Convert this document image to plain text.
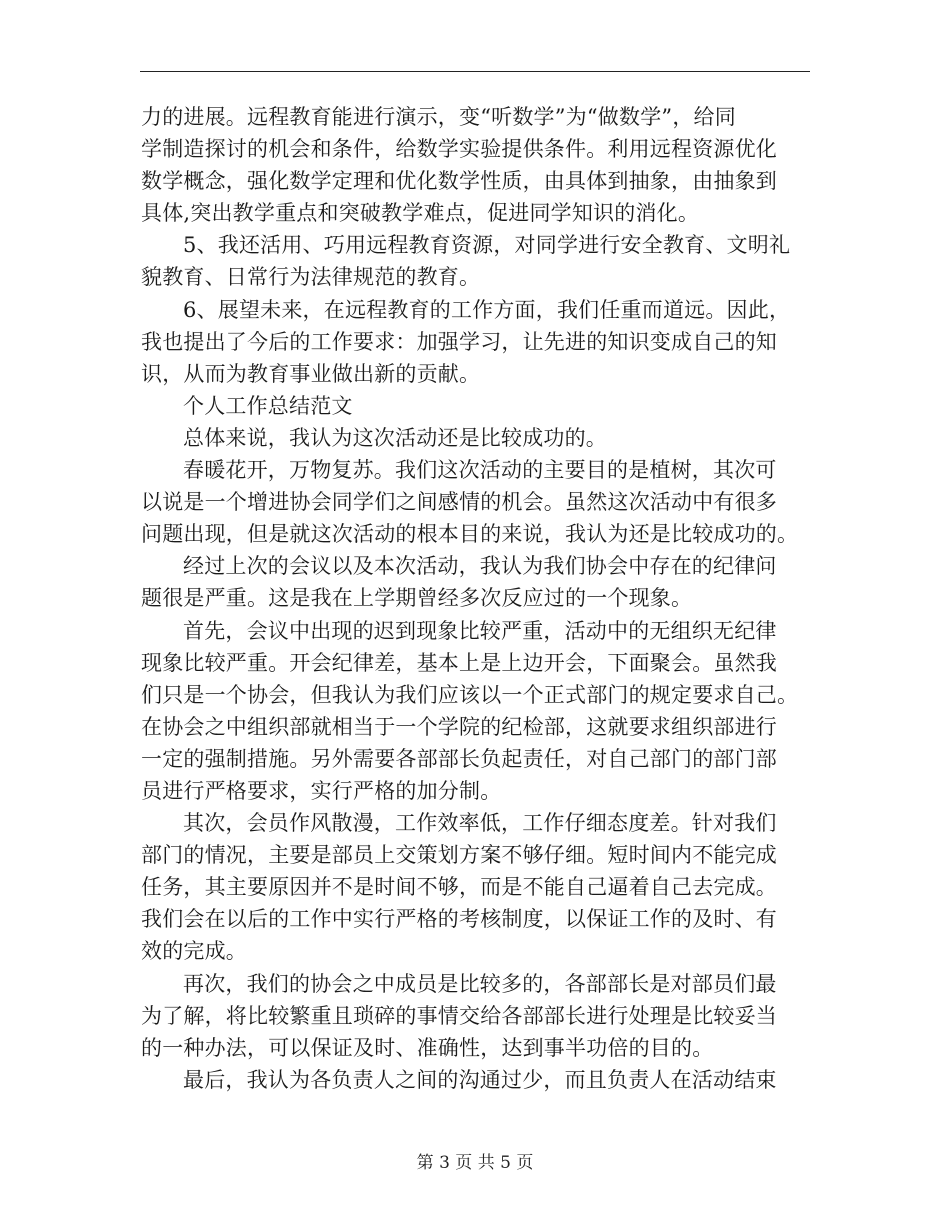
力的进展。远程教育能进行演示，变“听数学”为“做数学”，给同
学制造探讨的机会和条件，给数学实验提供条件。利用远程资源优化
数学概念，强化数学定理和优化数学性质，由具体到抽象，由抽象到
具体,突出教学重点和突破教学难点，促进同学知识的消化。
5、我还活用、巧用远程教育资源，对同学进行安全教育、文明礼
貌教育、日常行为法律规范的教育。
6、展望未来，在远程教育的工作方面，我们任重而道远。因此，
我也提出了今后的工作要求：加强学习，让先进的知识变成自己的知
识，从而为教育事业做出新的贡献。
个人工作总结范文
总体来说，我认为这次活动还是比较成功的。
春暖花开，万物复苏。我们这次活动的主要目的是植树，其次可
以说是一个增进协会同学们之间感情的机会。虽然这次活动中有很多
问题出现，但是就这次活动的根本目的来说，我认为还是比较成功的。
经过上次的会议以及本次活动，我认为我们协会中存在的纪律问
题很是严重。这是我在上学期曾经多次反应过的一个现象。
首先，会议中出现的迟到现象比较严重，活动中的无组织无纪律
现象比较严重。开会纪律差，基本上是上边开会，下面聚会。虽然我
们只是一个协会，但我认为我们应该以一个正式部门的规定要求自己。
在协会之中组织部就相当于一个学院的纪检部，这就要求组织部进行
一定的强制措施。另外需要各部部长负起责任，对自己部门的部门部
员进行严格要求，实行严格的加分制。
其次，会员作风散漫，工作效率低，工作仔细态度差。针对我们
部门的情况，主要是部员上交策划方案不够仔细。短时间内不能完成
任务，其主要原因并不是时间不够，而是不能自己逼着自己去完成。
我们会在以后的工作中实行严格的考核制度，以保证工作的及时、有
效的完成。
再次，我们的协会之中成员是比较多的，各部部长是对部员们最
为了解，将比较繁重且琐碎的事情交给各部部长进行处理是比较妥当
的一种办法，可以保证及时、准确性，达到事半功倍的目的。
最后，我认为各负责人之间的沟通过少，而且负责人在活动结束
第 3 页 共 5 页
